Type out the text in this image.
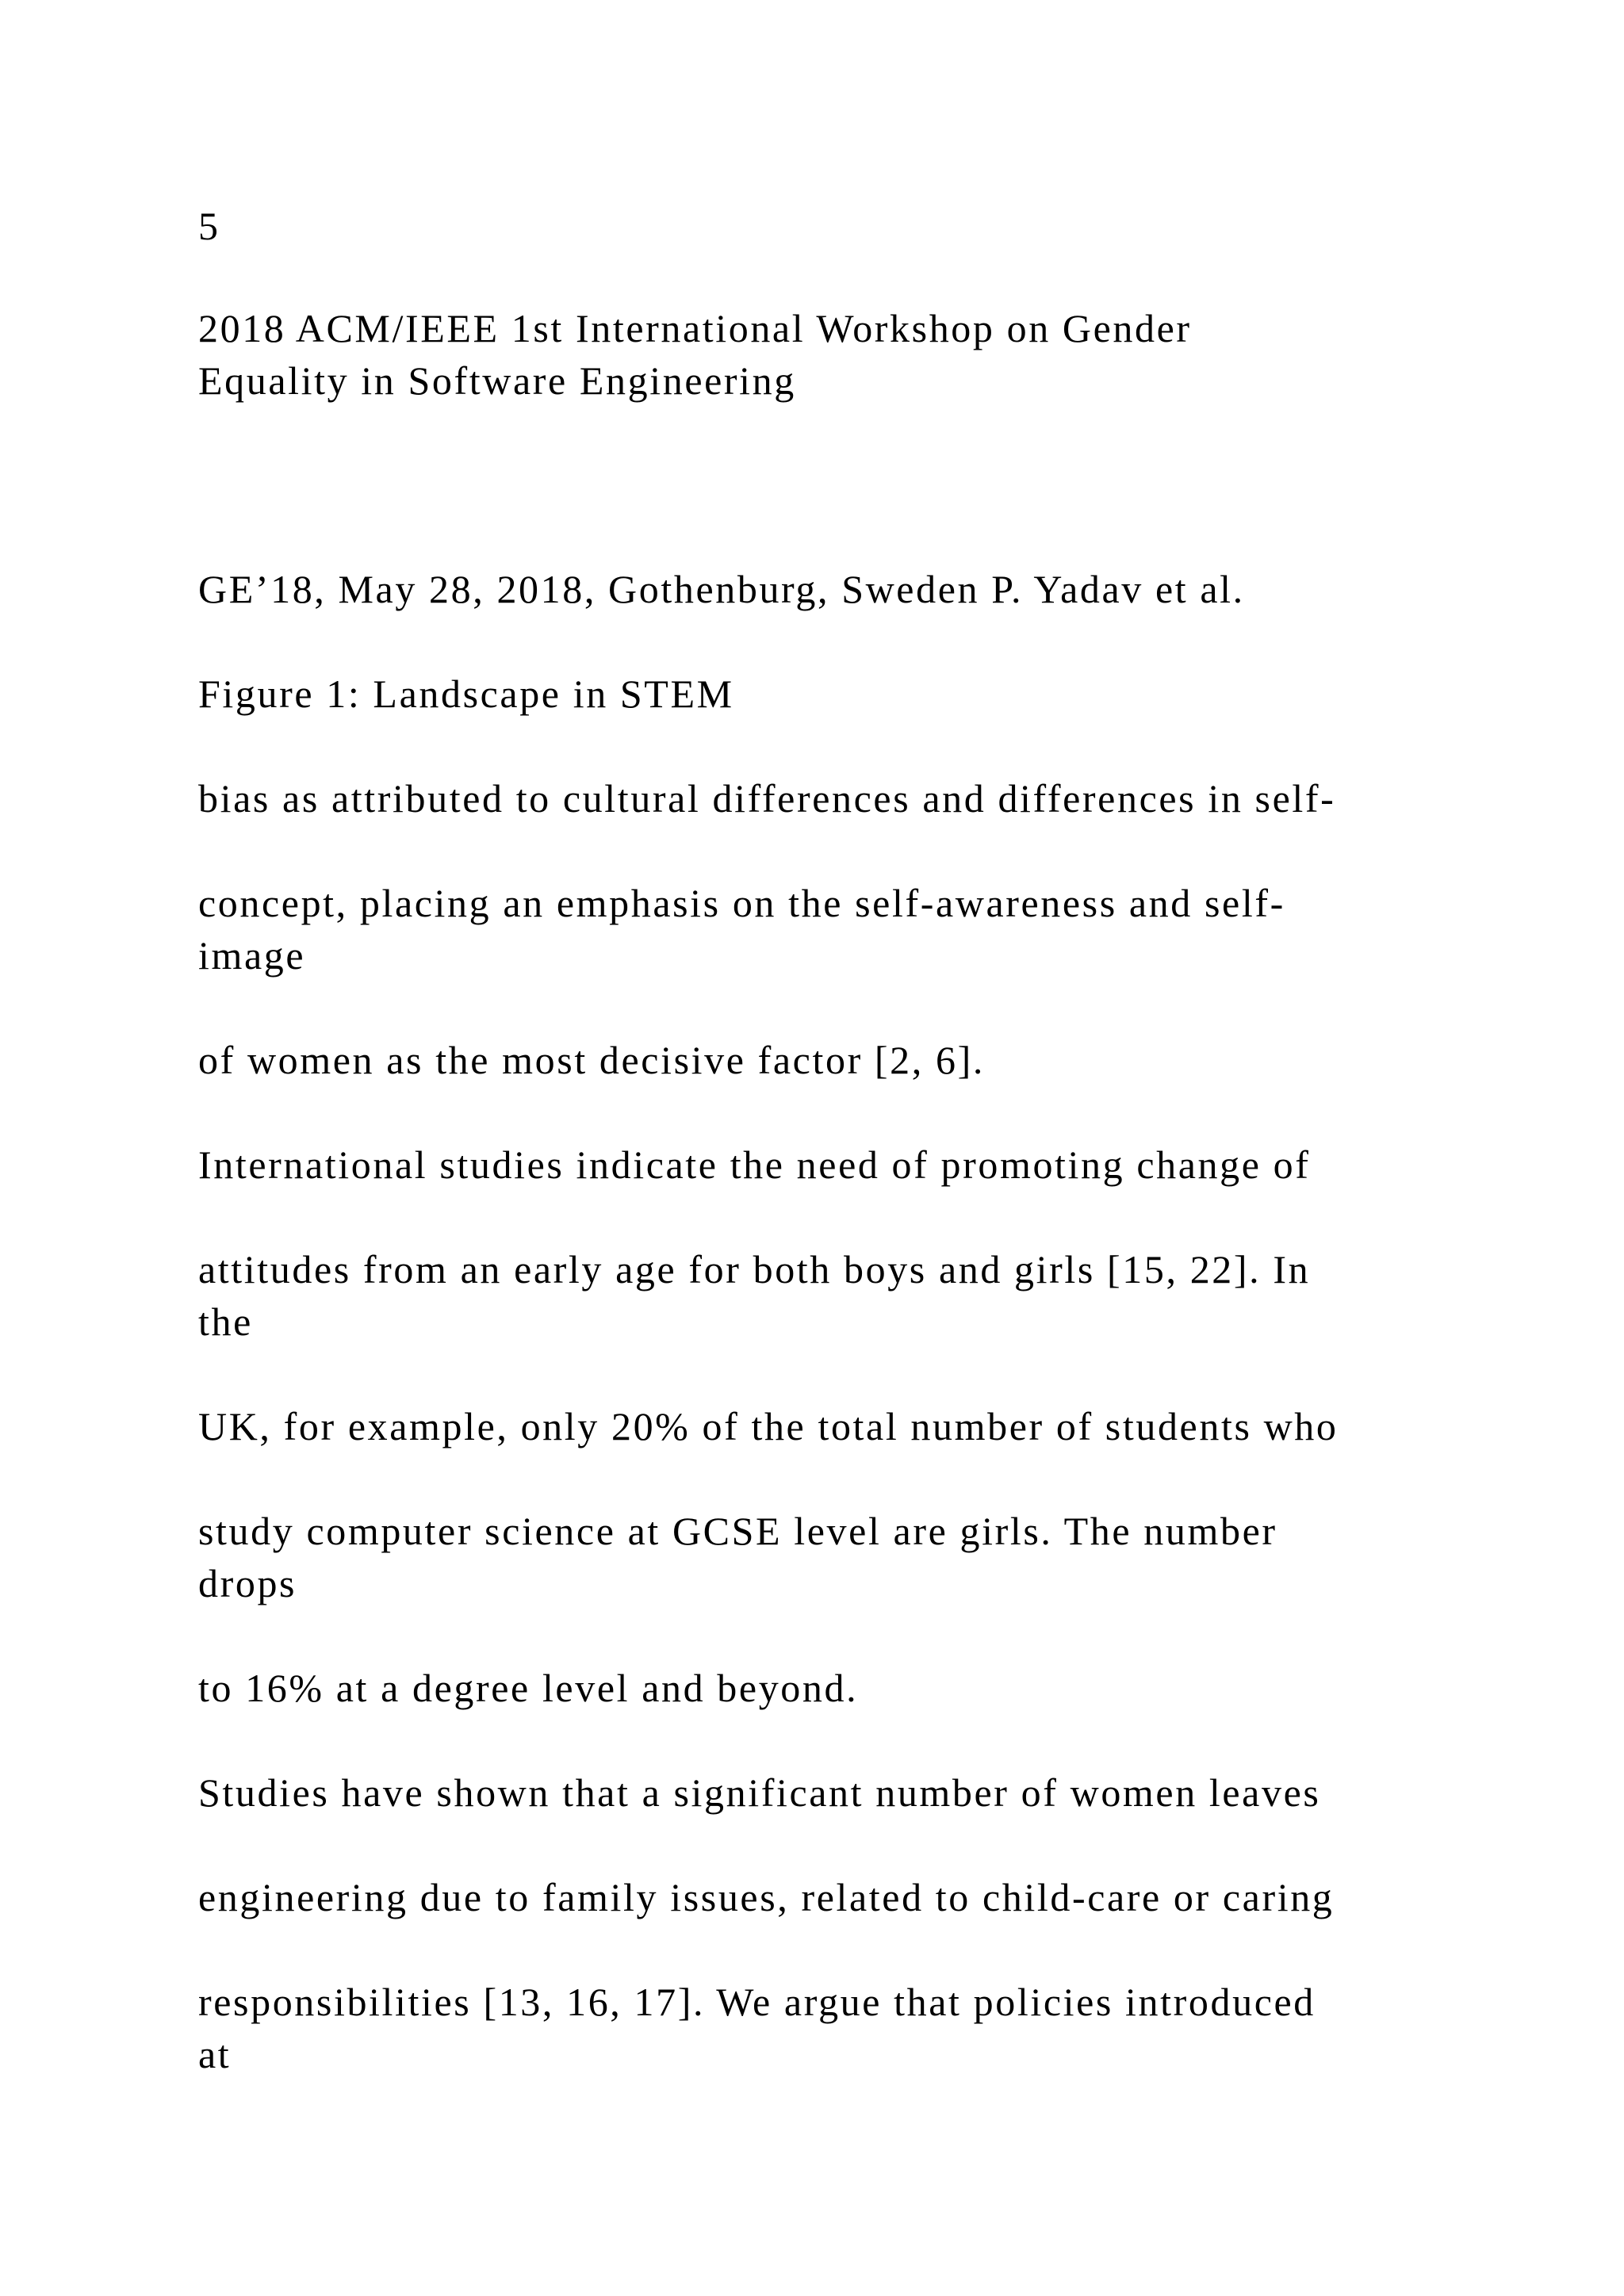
5

2018 ACM/IEEE 1st International Workshop on Gender

Equality in Software Engineering

GE’18, May 28, 2018, Gothenburg, Sweden P. Yadav et al.

Figure 1: Landscape in STEM

bias as attributed to cultural differences and differences in self-

concept, placing an emphasis on the self-awareness and self-

image

of women as the most decisive factor [2, 6].

International studies indicate the need of promoting change of

attitudes from an early age for both boys and girls [15, 22]. In

the

UK, for example, only 20% of the total number of students who

study computer science at GCSE level are girls. The number

drops

to 16% at a degree level and beyond.

Studies have shown that a significant number of women leaves

engineering due to family issues, related to child-care or caring

responsibilities [13, 16, 17]. We argue that policies introduced

at
